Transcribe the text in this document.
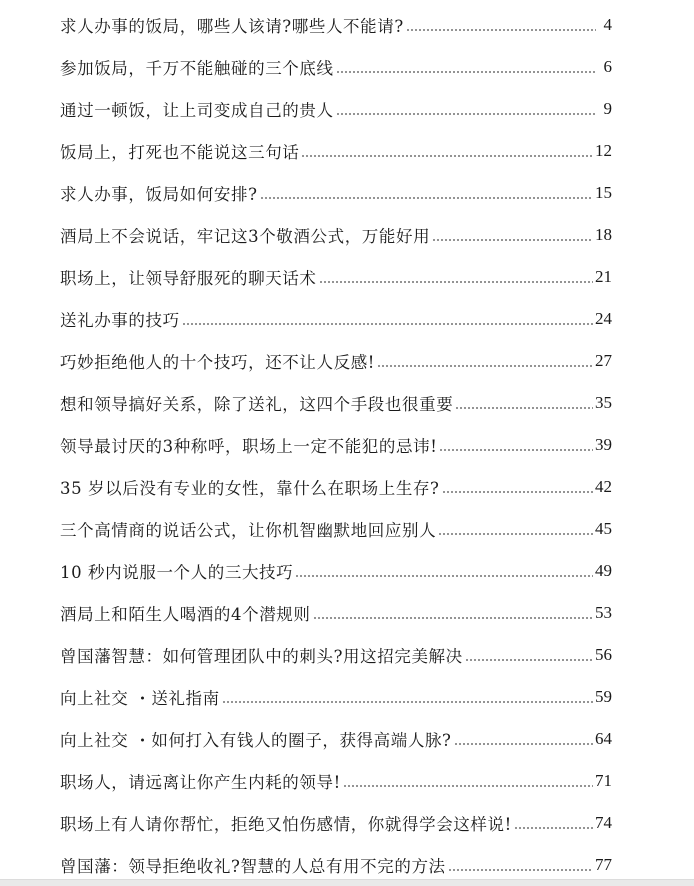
求人办事的饭局，哪些人该请?哪些人不能请?	4
参加饭局，千万不能触碰的三个底线	6
通过一顿饭，让上司变成自己的贵人	9
饭局上，打死也不能说这三句话	12
求人办事，饭局如何安排?	15
酒局上不会说话，牢记这3个敬酒公式，万能好用	18
职场上，让领导舒服死的聊天话术	21
送礼办事的技巧	24
巧妙拒绝他人的十个技巧，还不让人反感!	27
想和领导搞好关系，除了送礼，这四个手段也很重要	35
领导最讨厌的3种称呼，职场上一定不能犯的忌讳!	39
35 岁以后没有专业的女性，靠什么在职场上生存?	42
三个高情商的说话公式，让你机智幽默地回应别人	45
10 秒内说服一个人的三大技巧	49
酒局上和陌生人喝酒的4个潜规则	53
曾国藩智慧：如何管理团队中的刺头?用这招完美解决	56
向上社交 ・送礼指南	59
向上社交 ・如何打入有钱人的圈子，获得高端人脉?	64
职场人，请远离让你产生内耗的领导!	71
职场上有人请你帮忙，拒绝又怕伤感情，你就得学会这样说!	74
曾国藩：领导拒绝收礼?智慧的人总有用不完的方法	77
